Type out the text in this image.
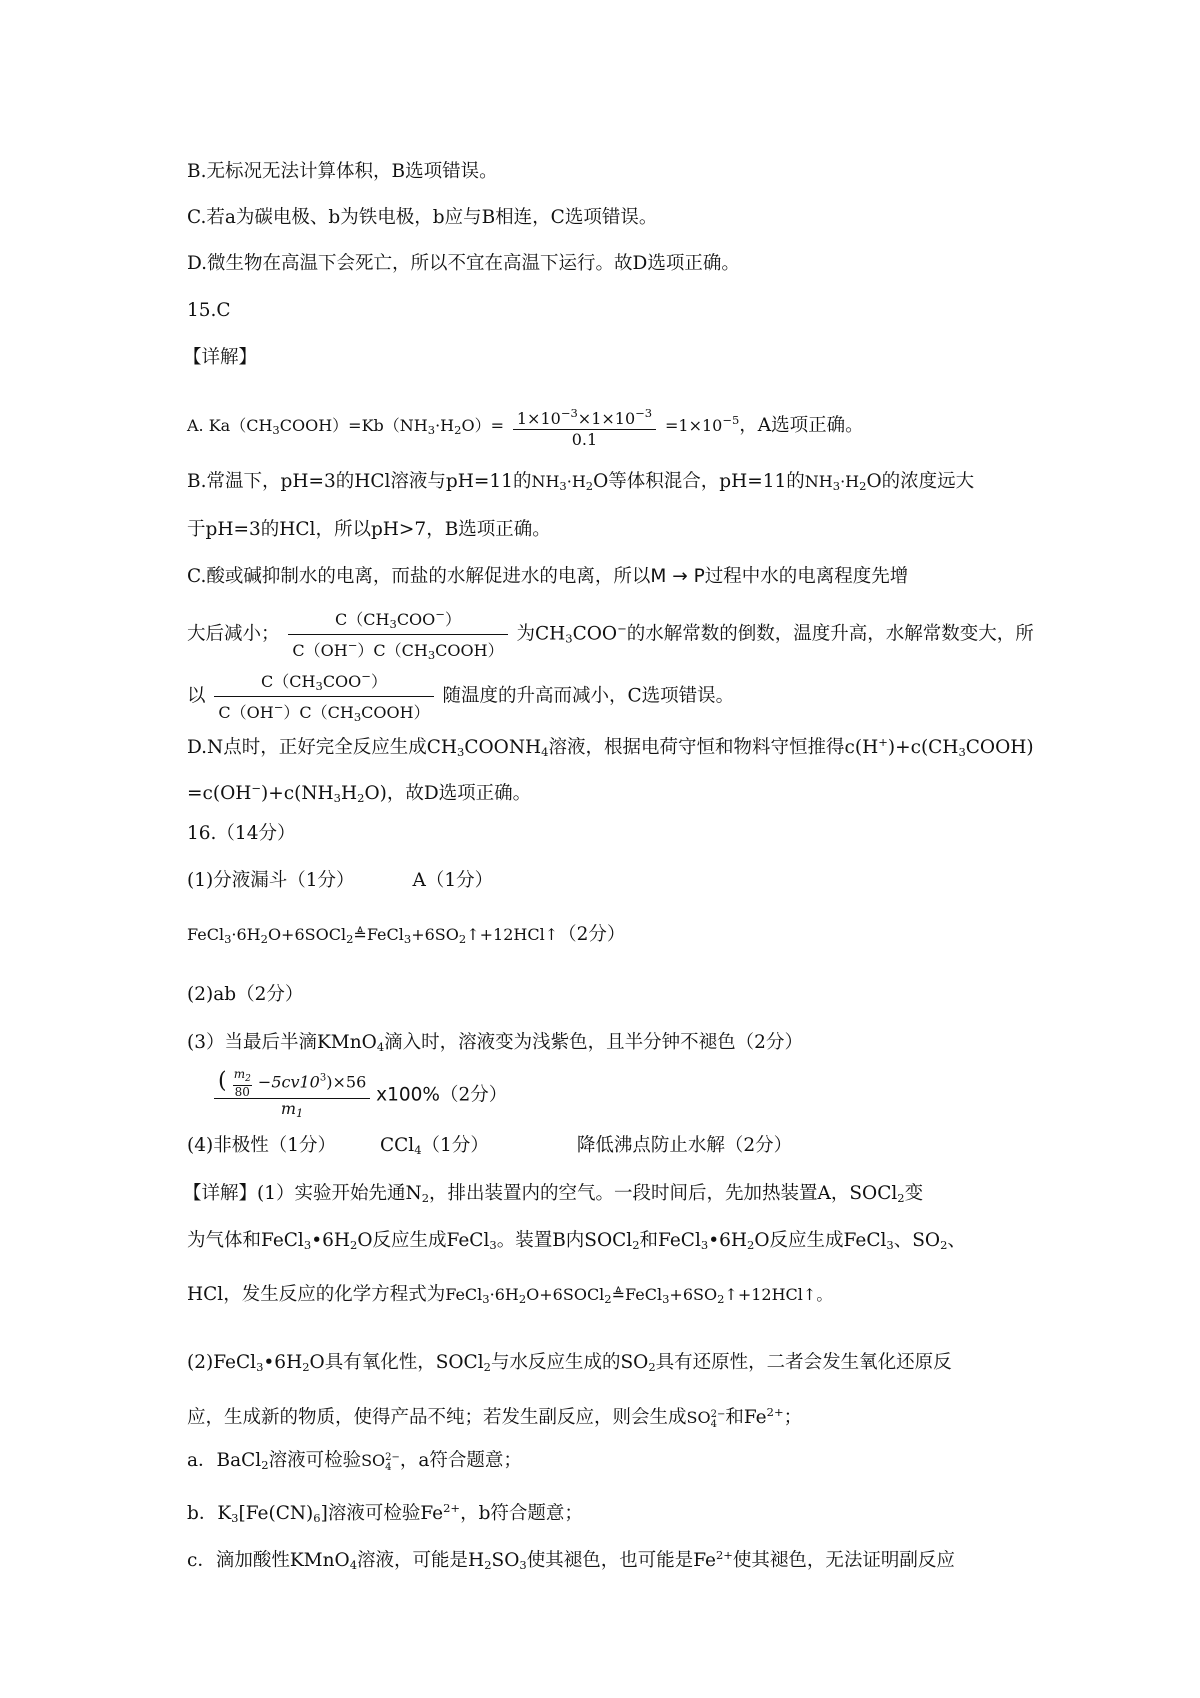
B.无标况无法计算体积，B选项错误。
C.若a为碳电极、b为铁电极，b应与B相连，C选项错误。
D.微生物在高温下会死亡，所以不宜在高温下运行。故D选项正确。
15.C
【详解】
A. $Ka(CH_3COOH)=Kb(NH_3\cdot H_2O)= \frac{1\times 10^{-3}\times 1\times 10^{-3}}{0.1} =1\times 10^{-5}$，A选项正确。
B.常温下，pH=3的HCl溶液与pH=11的$NH_3\cdot H_2O$等体积混合，pH=11的$NH_3\cdot H_2O$的浓度远大
于pH=3的HCl，所以pH>7，B选项正确。
C.酸或碱抑制水的电离，而盐的水解促进水的电离，所以M → P过程中水的电离程度先增
大后减小； $\frac{C(CH_3COO^-)}{C(OH^-)C(CH_3COOH)}$ 为$CH_3COO^-$的水解常数的倒数，温度升高，水解常数变大，所
以 $\frac{C(CH_3COO^-)}{C(OH^-)C(CH_3COOH)}$ 随温度的升高而减小，C选项错误。
D.N点时，正好完全反应生成$CH_3COONH_4$溶液，根据电荷守恒和物料守恒推得$c(H^+)+c(CH_3COOH)$
$=c(OH^-)+c(NH_3H_2O)$，故D选项正确。
16.（14分）
(1)分液漏斗（1分）	A（1分）
$FeCl_3\cdot 6H_2O+6SOCl_2≜FeCl_3+6SO_2↑+12HCl↑(2$分）
(2)ab（2分）
(3）当最后半滴KMnO$_4$滴入时，溶液变为浅紫色，且半分钟不褪色（2分）
$\frac{( \frac{m_2}{80} -5cv10^3)\times 56}{m_1} x100\%(2$分）
(4)非极性（1分） CCl$_4$（1分）	降低沸点防止水解（2分）
【详解】(1）实验开始先通$N_2$，排出装置内的空气。一段时间后，先加热装置A，SOCl$_2$变
为气体和$FeCl_3•6H_2O$反应生成FeCl$_3$。装置B内SOCl$_2$和$FeCl_3•6H_2O$反应生成FeCl$_3$、$SO_2$、
HCl，发生反应的化学方程式为$FeCl_3\cdot 6H_2O+6SOCl_2≜FeCl_3+6SO_2↑+12HCl↑$。
$(2)FeCl_3•6H_2O$具有氧化性，SOCl$_2$与水反应生成的$SO_2$具有还原性，二者会发生氧化还原反
应，生成新的物质，使得产品不纯；若发生副反应，则会生成SO 2−
4 和$Fe^{2+}$；
a．BaCl$_2$溶液可检验SO 2−
4 ，a符合题意；
b．$K_3[Fe(CN)_6]$溶液可检验$Fe^{2+}$，b符合题意；
c．滴加酸性KMnO$_4$溶液，可能是$H_2SO_3$使其褪色，也可能是$Fe^{2+}$使其褪色，无法证明副反应
